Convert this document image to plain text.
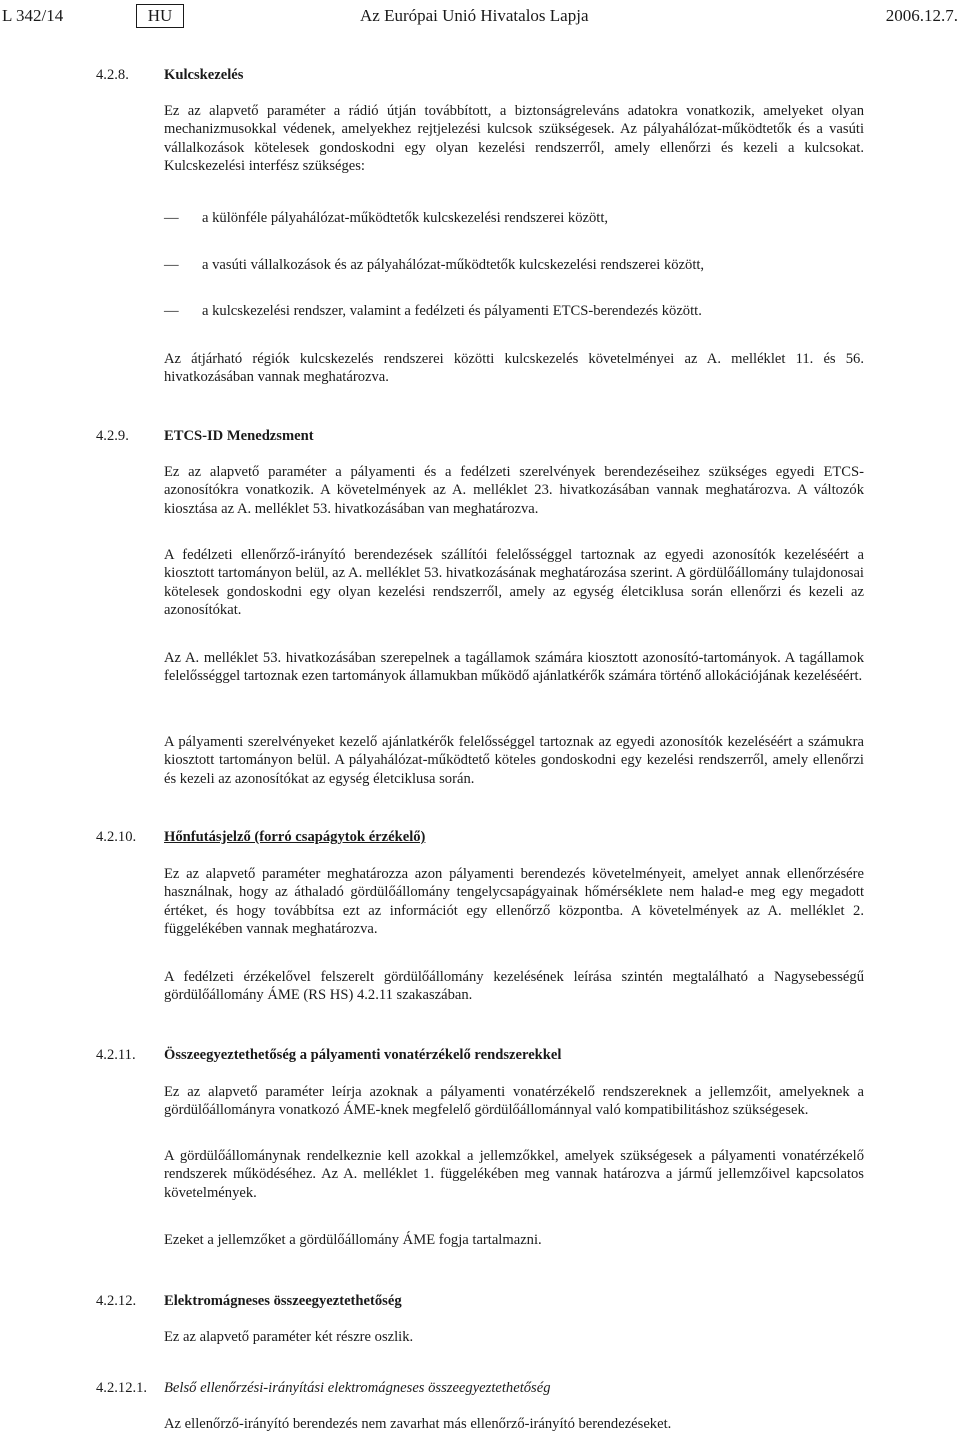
L 342/14	HU	Az Európai Unió Hivatalos Lapja	2006.12.7.
4.2.8. Kulcskezelés

Ez az alapvető paraméter a rádió útján továbbított, a biztonságreleváns adatokra vonatkozik, amelyeket olyan mechanizmusokkal védenek, amelyekhez rejtjelezési kulcsok szükségesek. Az pályahálózat-működtetők és a vasúti vállalkozások kötelesek gondoskodni egy olyan kezelési rendszerről, amely ellenőrzi és kezeli a kulcsokat. Kulcskezelési interfész szükséges:

— a különféle pályahálózat-működtetők kulcskezelési rendszerei között,
— a vasúti vállalkozások és az pályahálózat-működtetők kulcskezelési rendszerei között,
— a kulcskezelési rendszer, valamint a fedélzeti és pályamenti ETCS-berendezés között.

Az átjárható régiók kulcskezelés rendszerei közötti kulcskezelés követelményei az A. melléklet 11. és 56. hivatkozásában vannak meghatározva.

4.2.9. ETCS-ID Menedzsment

Ez az alapvető paraméter a pályamenti és a fedélzeti szerelvények berendezéseihez szükséges egyedi ETCS-azonosítókra vonatkozik. A követelmények az A. melléklet 23. hivatkozásában vannak meghatározva. A változók kiosztása az A. melléklet 53. hivatkozásában van meghatározva.

A fedélzeti ellenőrző-irányító berendezések szállítói felelősséggel tartoznak az egyedi azonosítók kezeléséért a kiosztott tartományon belül, az A. melléklet 53. hivatkozásának meghatározása szerint. A gördülőállomány tulajdonosai kötelesek gondoskodni egy olyan kezelési rendszerről, amely az egység életciklusa során ellenőrzi és kezeli az azonosítókat.

Az A. melléklet 53. hivatkozásában szerepelnek a tagállamok számára kiosztott azonosító-tartományok. A tagállamok felelősséggel tartoznak ezen tartományok államukban működő ajánlatkérők számára történő allokációjának kezeléséért.

A pályamenti szerelvényeket kezelő ajánlatkérők felelősséggel tartoznak az egyedi azonosítók kezeléséért a számukra kiosztott tartományon belül. A pályahálózat-működtető köteles gondoskodni egy kezelési rendszerről, amely ellenőrzi és kezeli az azonosítókat az egység életciklusa során.

4.2.10. Hőnfutásjelző (forró csapágytok érzékelő)

Ez az alapvető paraméter meghatározza azon pályamenti berendezés követelményeit, amelyet annak ellenőrzésére használnak, hogy az áthaladó gördülőállomány tengelycsapágyainak hőmérséklete nem halad-e meg egy megadott értéket, és hogy továbbítsa ezt az információt egy ellenőrző központba. A követelmények az A. melléklet 2. függelékében vannak meghatározva.

A fedélzeti érzékelővel felszerelt gördülőállomány kezelésének leírása szintén megtalálható a Nagysebességű gördülőállomány ÁME (RS HS) 4.2.11 szakaszában.

4.2.11. Összeegyeztethetőség a pályamenti vonatérzékelő rendszerekkel

Ez az alapvető paraméter leírja azoknak a pályamenti vonatérzékelő rendszereknek a jellemzőit, amelyeknek a gördülőállományra vonatkozó ÁME-knek megfelelő gördülőállománnyal való kompatibilitáshoz szükségesek.

A gördülőállománynak rendelkeznie kell azokkal a jellemzőkkel, amelyek szükségesek a pályamenti vonatérzékelő rendszerek működéséhez. Az A. melléklet 1. függelékében meg vannak határozva a jármű jellemzőivel kapcsolatos követelmények.

Ezeket a jellemzőket a gördülőállomány ÁME fogja tartalmazni.

4.2.12. Elektromágneses összeegyeztethetőség

Ez az alapvető paraméter két részre oszlik.

4.2.12.1. Belső ellenőrzési-irányítási elektromágneses összeegyeztethetőség

Az ellenőrző-irányító berendezés nem zavarhat más ellenőrző-irányító berendezéseket.
